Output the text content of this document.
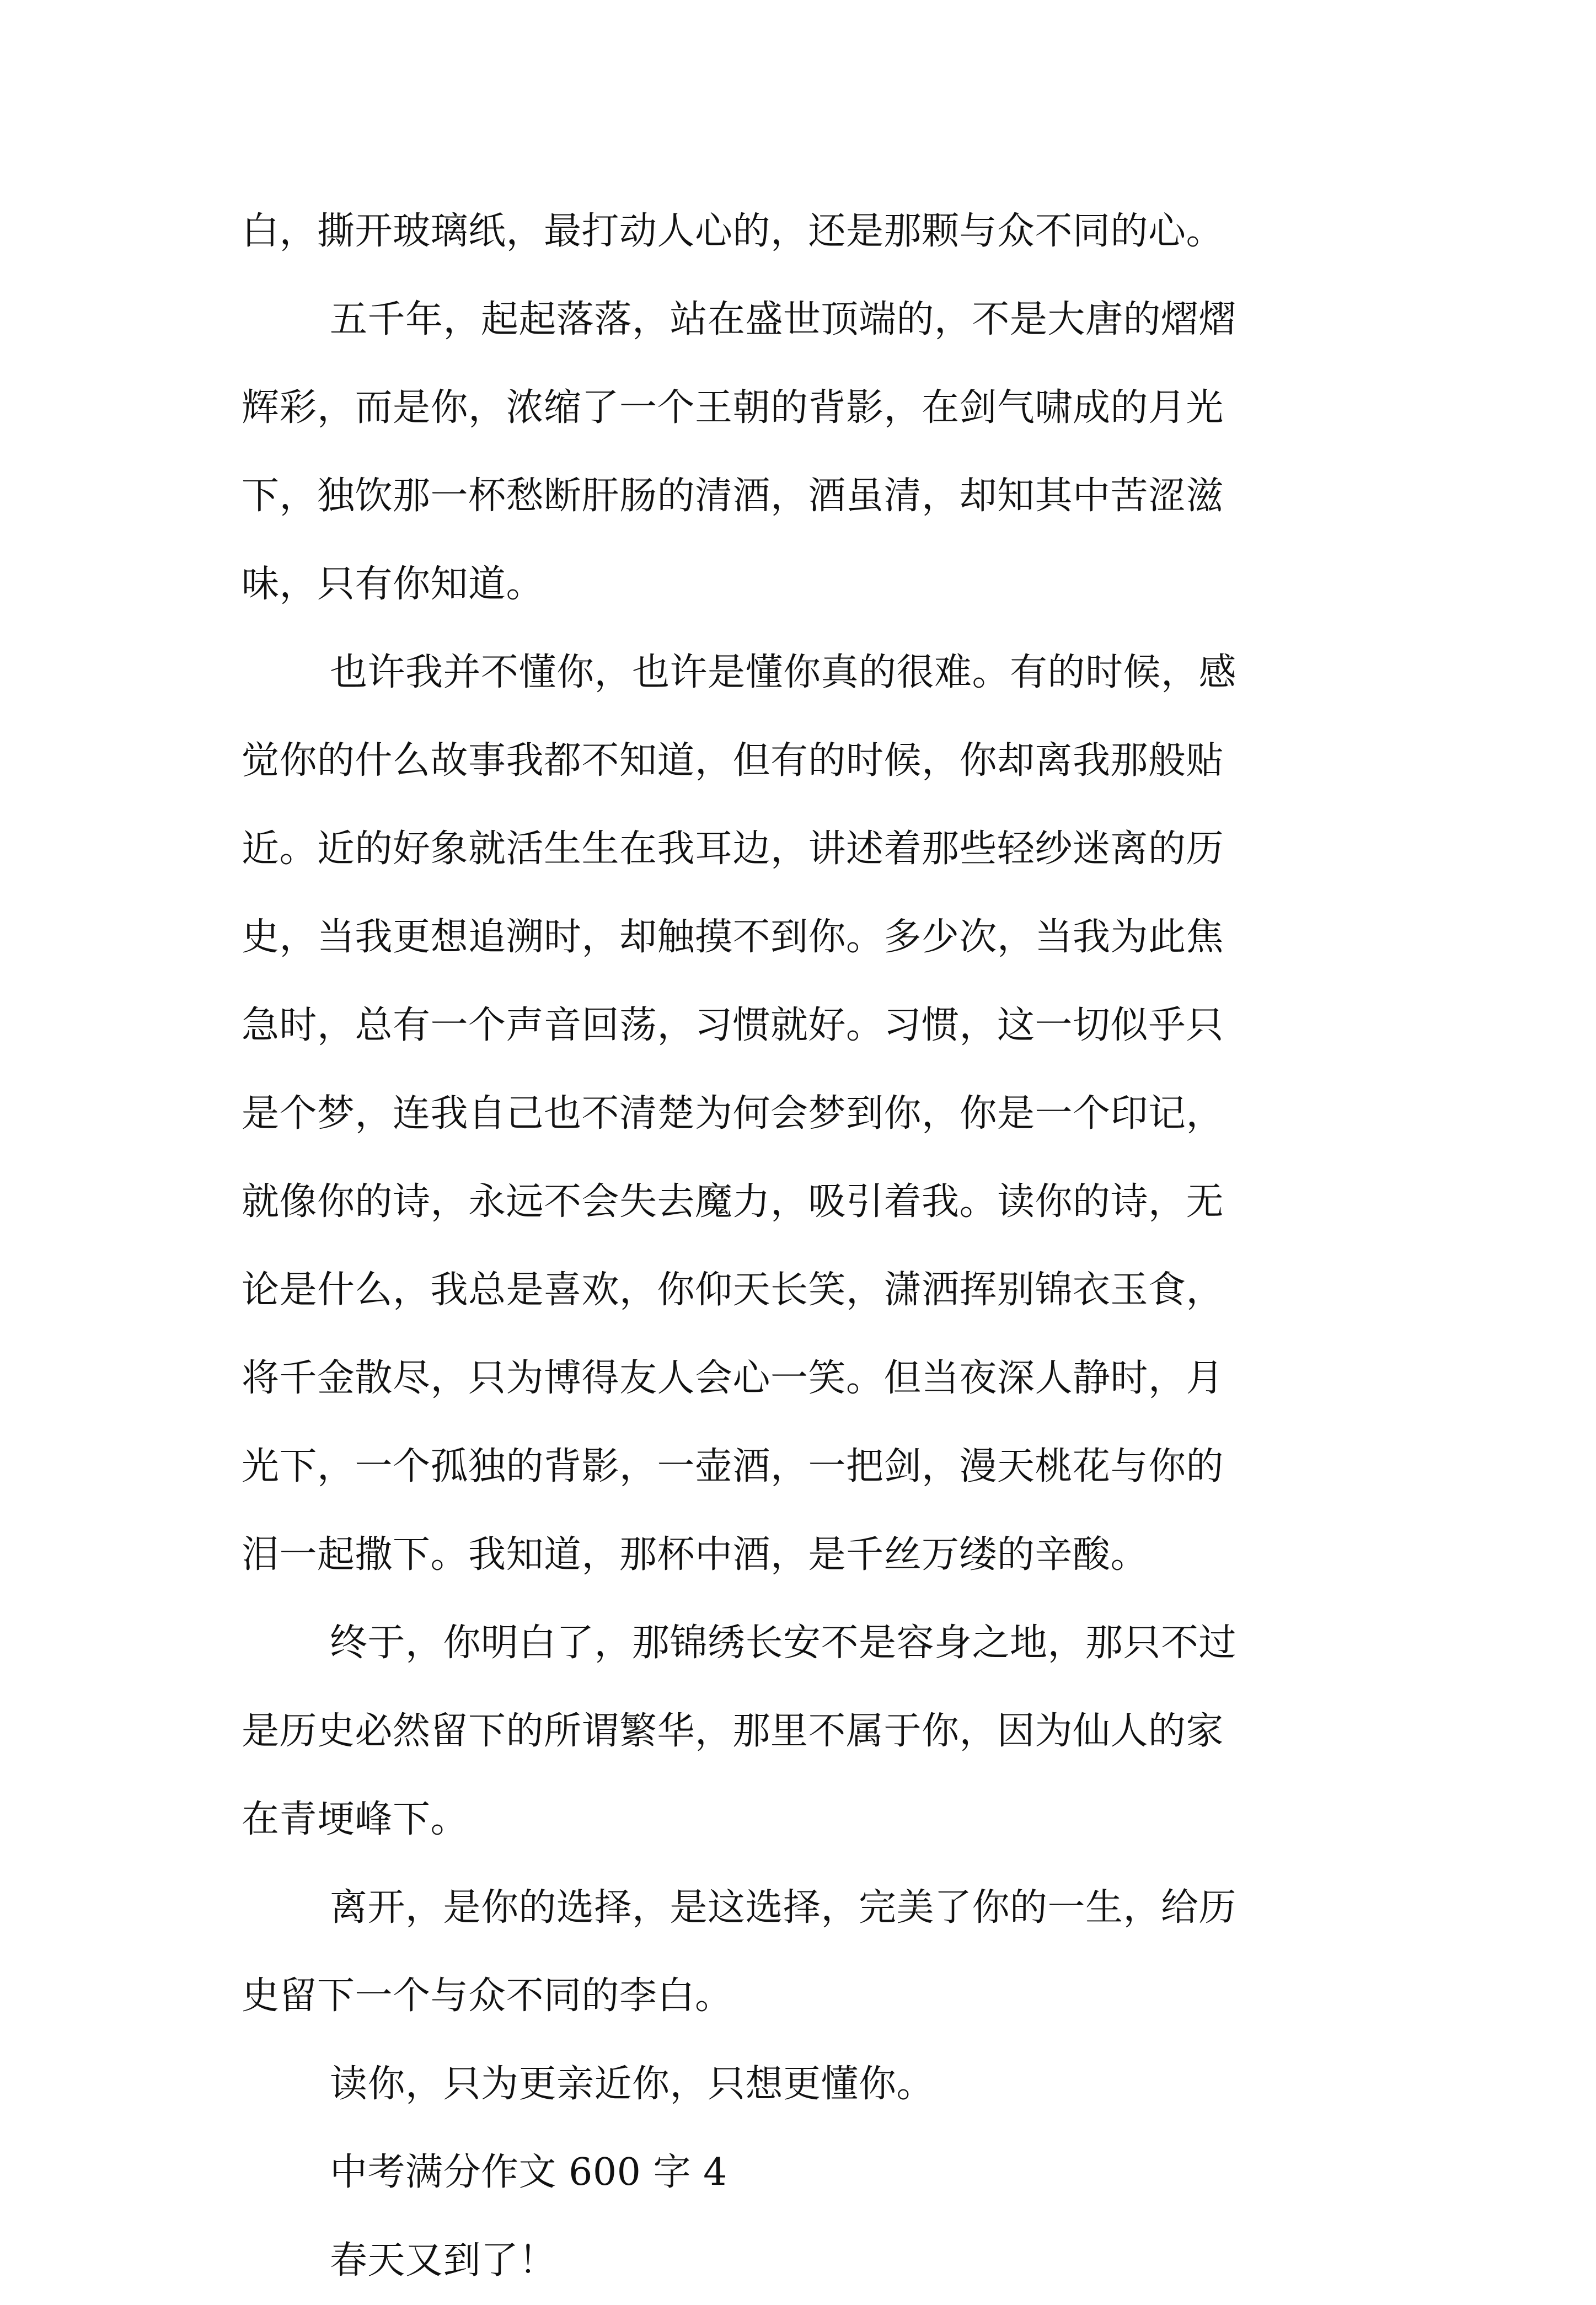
白，撕开玻璃纸，最打动人心的，还是那颗与众不同的心。
五千年，起起落落，站在盛世顶端的，不是大唐的熠熠
辉彩，而是你，浓缩了一个王朝的背影，在剑气啸成的月光
下，独饮那一杯愁断肝肠的清酒，酒虽清，却知其中苦涩滋
味，只有你知道。
也许我并不懂你，也许是懂你真的很难。有的时候，感
觉你的什么故事我都不知道，但有的时候，你却离我那般贴
近。近的好象就活生生在我耳边，讲述着那些轻纱迷离的历
史，当我更想追溯时，却触摸不到你。多少次，当我为此焦
急时，总有一个声音回荡，习惯就好。习惯，这一切似乎只
是个梦，连我自己也不清楚为何会梦到你，你是一个印记，
就像你的诗，永远不会失去魔力，吸引着我。读你的诗，无
论是什么，我总是喜欢，你仰天长笑，潇洒挥别锦衣玉食，
将千金散尽，只为博得友人会心一笑。但当夜深人静时，月
光下，一个孤独的背影，一壶酒，一把剑，漫天桃花与你的
泪一起撒下。我知道，那杯中酒，是千丝万缕的辛酸。
终于，你明白了，那锦绣长安不是容身之地，那只不过
是历史必然留下的所谓繁华，那里不属于你，因为仙人的家
在青埂峰下。
离开，是你的选择，是这选择，完美了你的一生，给历
史留下一个与众不同的李白。
读你，只为更亲近你，只想更懂你。
中考满分作文 600 字 4
春天又到了！
